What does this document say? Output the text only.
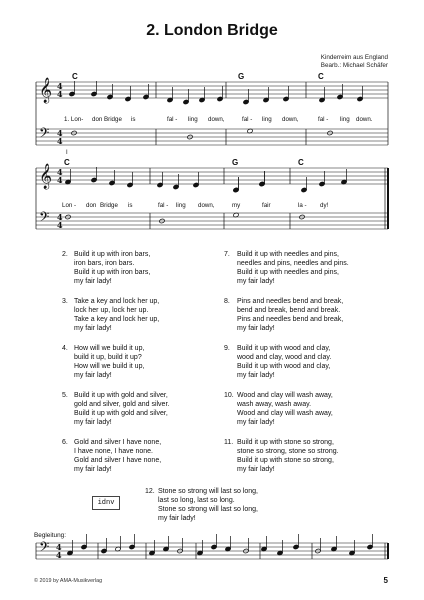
2. London Bridge
Kinderreim aus England
Bearb.: Michael Schäfer
C	G	C
C	G	C
𝄞
𝄢
4
4
4
4
𝄞
𝄢
4
4
4
4
𝄢 4
4
1. Lon- don Bridge is	fal - ling down,	fal - ling down,	fal - ling down.
Lon - don Bridge is	fal - ling down,	my	fair	la - dy!
I
2. Build it up with iron bars,
iron bars, iron bars.
Build it up with iron bars,
my fair lady!
3. Take a key and lock her up,
lock her up, lock her up.
Take a key and lock her up,
my fair lady!
4. How will we build it up,
build it up, build it up?
How will we build it up,
my fair lady!
5. Build it up with gold and silver,
gold and silver, gold and silver.
Build it up with gold and silver,
my fair lady!
6. Gold and silver I have none,
I have none, I have none.
Gold and silver I have none,
my fair lady!
7. Build it up with needles and pins,
needles and pins, needles and pins.
Build it up with needles and pins,
my fair lady!
8. Pins and needles bend and break,
bend and break, bend and break.
Pins and needles bend and break,
my fair lady!
9. Build it up with wood and clay,
wood and clay, wood and clay.
Build it up with wood and clay,
my fair lady!
10. Wood and clay will wash away,
wash away, wash away.
Wood and clay will wash away,
my fair lady!
11. Build it up with stone so strong,
stone so strong, stone so strong.
Build it up with stone so strong,
my fair lady!
12. Stone so strong will last so long,
last so long, last so long.
Stone so strong will last so long,
my fair lady!
idnv
Begleitung:
© 2019 by AMA-Musikverlag	5
